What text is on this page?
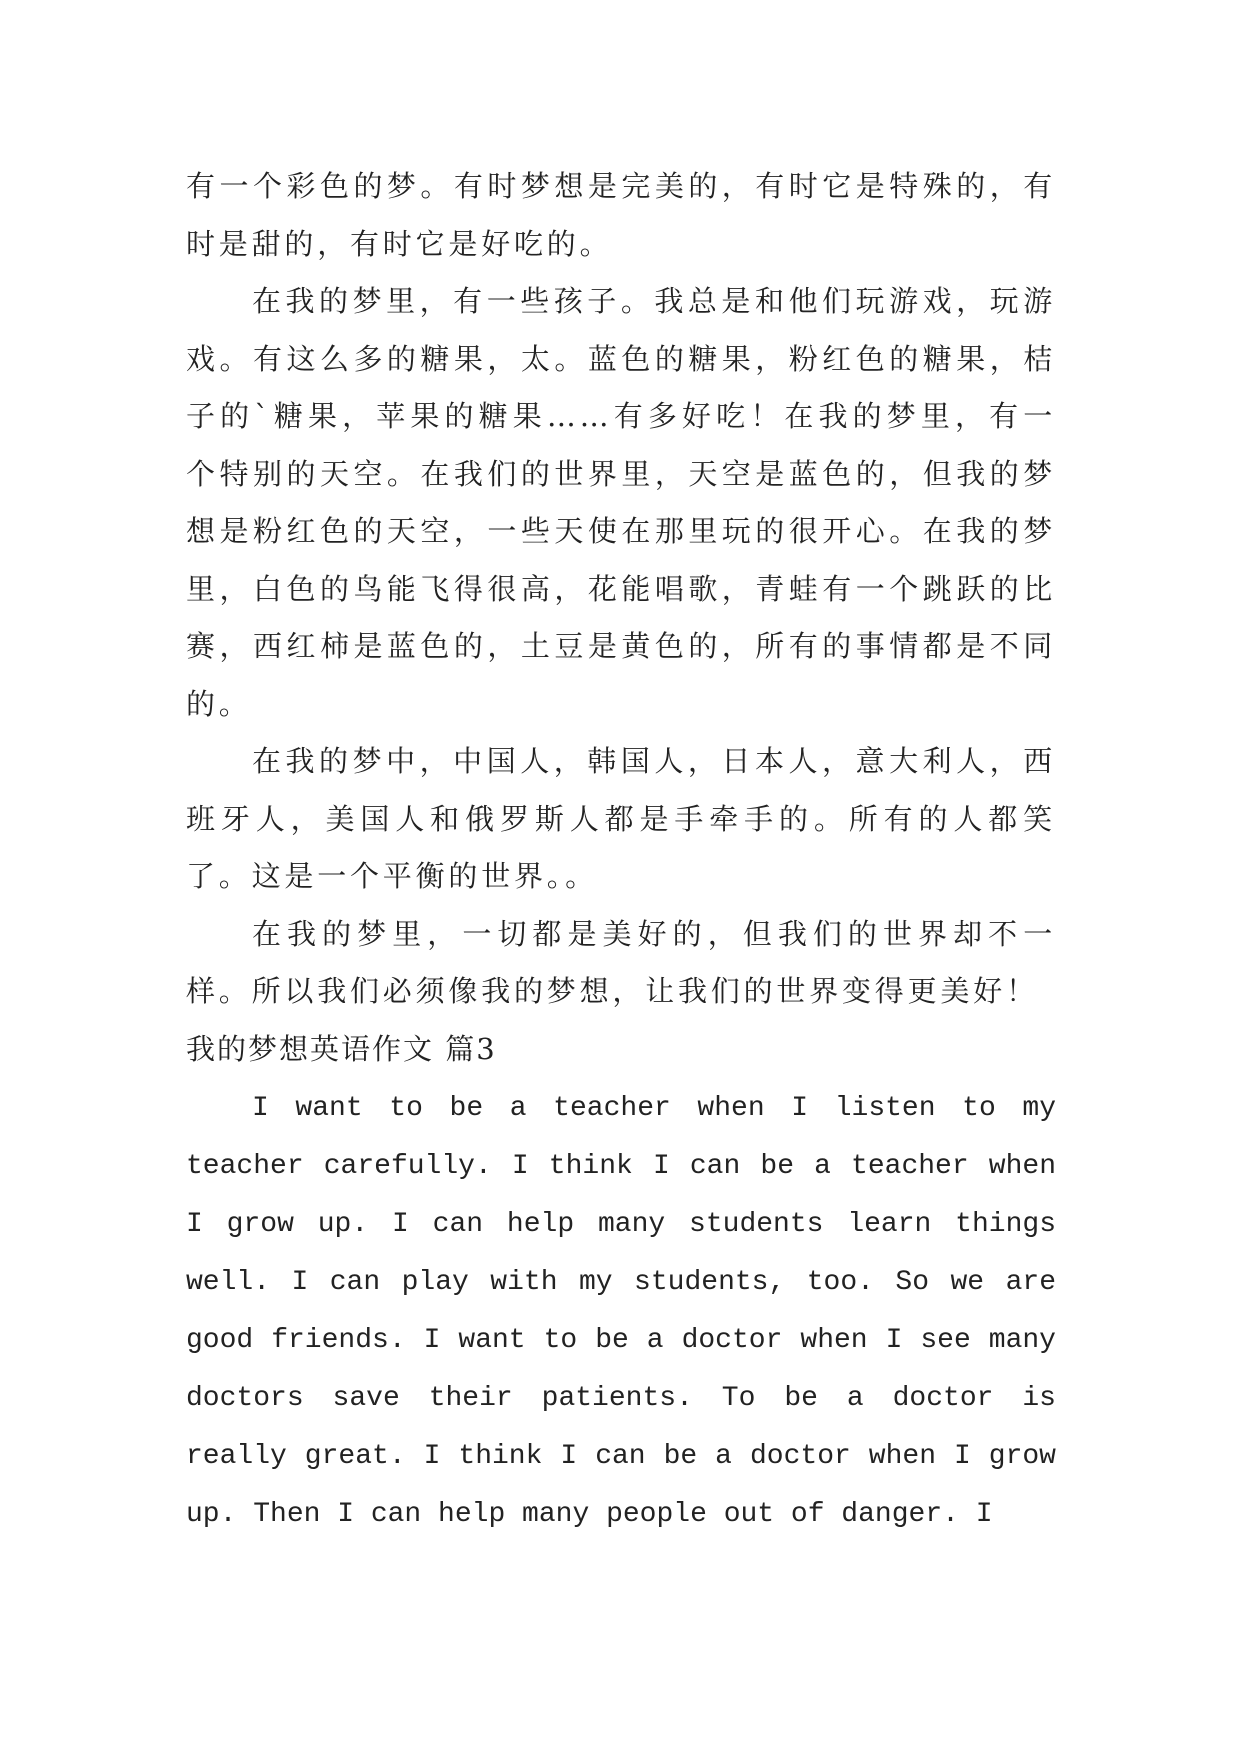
有一个彩色的梦。有时梦想是完美的，有时它是特殊的，有时是甜的，有时它是好吃的。

在我的梦里，有一些孩子。我总是和他们玩游戏，玩游戏。有这么多的糖果，太。蓝色的糖果，粉红色的糖果，桔子的`糖果，苹果的糖果……有多好吃！在我的梦里，有一个特别的天空。在我们的世界里，天空是蓝色的，但我的梦想是粉红色的天空，一些天使在那里玩的很开心。在我的梦里，白色的鸟能飞得很高，花能唱歌，青蛙有一个跳跃的比赛，西红柿是蓝色的，土豆是黄色的，所有的事情都是不同的。

在我的梦中，中国人，韩国人，日本人，意大利人，西班牙人，美国人和俄罗斯人都是手牵手的。所有的人都笑了。这是一个平衡的世界。。

在我的梦里，一切都是美好的，但我们的世界却不一样。所以我们必须像我的梦想，让我们的世界变得更美好！

我的梦想英语作文 篇3

I want to be a teacher when I listen to my teacher carefully. I think I can be a teacher when I grow up. I can help many students learn things well. I can play with my students, too. So we are good friends. I want to be a doctor when I see many doctors save their patients. To be a doctor is really great. I think I can be a doctor when I grow up. Then I can help many people out of danger. I
